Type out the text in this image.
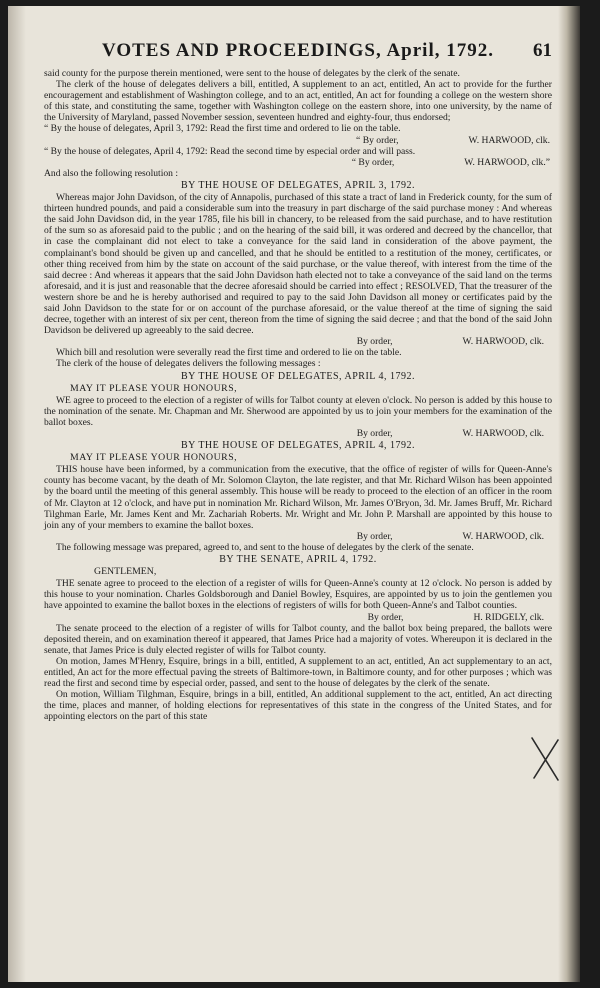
VOTES AND PROCEEDINGS, April, 1792. 61

said county for the purpose therein mentioned, were sent to the house of delegates by the clerk of the senate.

The clerk of the house of delegates delivers a bill, entitled, A supplement to an act, entitled, An act to provide for the further encouragement and establishment of Washington college, and to an act, entitled, An act for founding a college on the western shore of this state, and constituting the same, together with Washington college on the eastern shore, into one university, by the name of the University of Maryland, passed November session, seventeen hundred and eighty-four, thus endorsed;

“ By the house of delegates, April 3, 1792: Read the first time and ordered to lie on the table.

“ By order,	W. HARWOOD, clk.

“ By the house of delegates, April 4, 1792: Read the second time by especial order and will pass.

“ By order,	W. HARWOOD, clk.”

And also the following resolution :

BY THE HOUSE OF DELEGATES, APRIL 3, 1792.

Whereas major John Davidson, of the city of Annapolis, purchased of this state a tract of land in Frederick county, for the sum of thirteen hundred pounds, and paid a considerable sum into the treasury in part discharge of the said purchase money : And whereas the said John Davidson did, in the year 1785, file his bill in chancery, to be released from the said purchase, and to have restitution of the sum so as aforesaid paid to the public ; and on the hearing of the said bill, it was ordered and decreed by the chancellor, that in case the complainant did not elect to take a conveyance for the said land in consideration of the above payment, the complainant's bond should be given up and cancelled, and that he should be entitled to a restitution of the money, certificates, or other thing received from him by the state on account of the said purchase, or the value thereof, with interest from the time of the said decree : And whereas it appears that the said John Davidson hath elected not to take a conveyance of the said land on the terms aforesaid, and it is just and reasonable that the decree aforesaid should be carried into effect ; RESOLVED, That the treasurer of the western shore be and he is hereby authorised and required to pay to the said John Davidson all money or certificates paid by the said John Davidson to the state for or on account of the purchase aforesaid, or the value thereof at the time of signing the said decree, together with an interest of six per cent, thereon from the time of signing the said decree ; and that the bond of the said John Davidson be delivered up agreeably to the said decree.

By order,	W. HARWOOD, clk.

Which bill and resolution were severally read the first time and ordered to lie on the table.

The clerk of the house of delegates delivers the following messages :

BY THE HOUSE OF DELEGATES, APRIL 4, 1792.
MAY IT PLEASE YOUR HONOURS,

WE agree to proceed to the election of a register of wills for Talbot county at eleven o'clock. No person is added by this house to the nomination of the senate. Mr. Chapman and Mr. Sherwood are appointed by us to join your members for the examination of the ballot boxes.

By order,	W. HARWOOD, clk.
BY THE HOUSE OF DELEGATES, APRIL 4, 1792.
MAY IT PLEASE YOUR HONOURS,

THIS house have been informed, by a communication from the executive, that the office of register of wills for Queen-Anne's county has become vacant, by the death of Mr. Solomon Clayton, the late register, and that Mr. Richard Wilson has been appointed by the board until the meeting of this general assembly. This house will be ready to proceed to the election of an officer in the room of Mr. Clayton at 12 o'clock, and have put in nomination Mr. Richard Wilson, Mr. James O'Bryon, 3d. Mr. James Bruff, Mr. Richard Tilghman Earle, Mr. James Kent and Mr. Zachariah Roberts. Mr. Wright and Mr. John P. Marshall are appointed by this house to join any of your members to examine the ballot boxes.

By order,	W. HARWOOD, clk.

The following message was prepared, agreed to, and sent to the house of delegates by the clerk of the senate.

BY THE SENATE, APRIL 4, 1792.
GENTLEMEN,

THE senate agree to proceed to the election of a register of wills for Queen-Anne's county at 12 o'clock. No person is added by this house to your nomination. Charles Goldsborough and Daniel Bowley, Esquires, are appointed by us to join the gentlemen you have appointed to examine the ballot boxes in the elections of registers of wills for both Queen-Anne's and Talbot counties.

By order,	H. RIDGELY, clk.

The senate proceed to the election of a register of wills for Talbot county, and the ballot box being prepared, the ballots were deposited therein, and on examination thereof it appeared, that James Price had a majority of votes. Whereupon it is declared in the senate, that James Price is duly elected register of wills for Talbot county.

On motion, James M'Henry, Esquire, brings in a bill, entitled, A supplement to an act, entitled, An act supplementary to an act, entitled, An act for the more effectual paving the streets of Baltimore-town, in Baltimore county, and for other purposes ; which was read the first and second time by especial order, passed, and sent to the house of delegates by the clerk of the senate.

On motion, William Tilghman, Esquire, brings in a bill, entitled, An additional supplement to the act, entitled, An act directing the time, places and manner, of holding elections for representatives of this state in the congress of the United States, and for appointing electors on the part of this state
